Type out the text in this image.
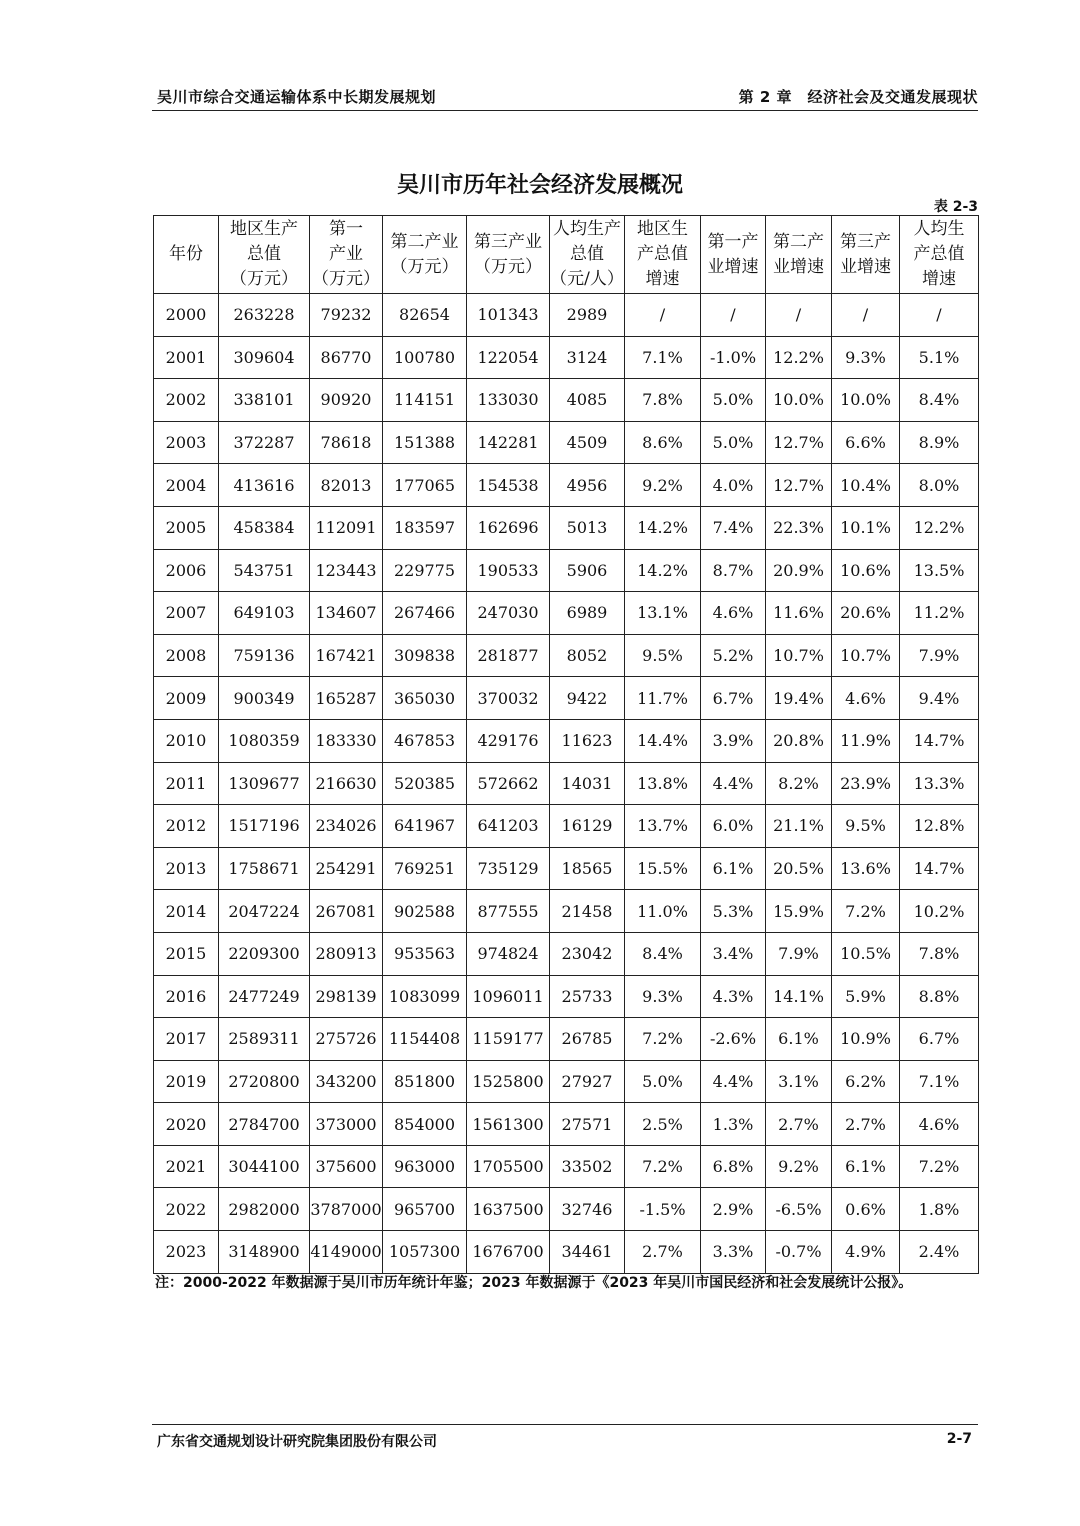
吴川市综合交通运输体系中长期发展规划	第 2 章　经济社会及交通发展现状
吴川市历年社会经济发展概况
表 2-3
年份	地区生产
总值
（万元）	第一
产业
（万元）	第二产业
（万元）	第三产业
（万元）	人均生产
总值
（元/人）	地区生
产总值
增速	第一产
业增速	第二产
业增速	第三产
业增速	人均生
产总值
增速
2000	263228	79232	82654	101343	2989	/	/	/	/	/
2001	309604	86770	100780	122054	3124	7.1%	-1.0%	12.2%	9.3%	5.1%
2002	338101	90920	114151	133030	4085	7.8%	5.0%	10.0%	10.0%	8.4%
2003	372287	78618	151388	142281	4509	8.6%	5.0%	12.7%	6.6%	8.9%
2004	413616	82013	177065	154538	4956	9.2%	4.0%	12.7%	10.4%	8.0%
2005	458384	112091	183597	162696	5013	14.2%	7.4%	22.3%	10.1%	12.2%
2006	543751	123443	229775	190533	5906	14.2%	8.7%	20.9%	10.6%	13.5%
2007	649103	134607	267466	247030	6989	13.1%	4.6%	11.6%	20.6%	11.2%
2008	759136	167421	309838	281877	8052	9.5%	5.2%	10.7%	10.7%	7.9%
2009	900349	165287	365030	370032	9422	11.7%	6.7%	19.4%	4.6%	9.4%
2010	1080359	183330	467853	429176	11623	14.4%	3.9%	20.8%	11.9%	14.7%
2011	1309677	216630	520385	572662	14031	13.8%	4.4%	8.2%	23.9%	13.3%
2012	1517196	234026	641967	641203	16129	13.7%	6.0%	21.1%	9.5%	12.8%
2013	1758671	254291	769251	735129	18565	15.5%	6.1%	20.5%	13.6%	14.7%
2014	2047224	267081	902588	877555	21458	11.0%	5.3%	15.9%	7.2%	10.2%
2015	2209300	280913	953563	974824	23042	8.4%	3.4%	7.9%	10.5%	7.8%
2016	2477249	298139	1083099	1096011	25733	9.3%	4.3%	14.1%	5.9%	8.8%
2017	2589311	275726	1154408	1159177	26785	7.2%	-2.6%	6.1%	10.9%	6.7%
2019	2720800	343200	851800	1525800	27927	5.0%	4.4%	3.1%	6.2%	7.1%
2020	2784700	373000	854000	1561300	27571	2.5%	1.3%	2.7%	2.7%	4.6%
2021	3044100	375600	963000	1705500	33502	7.2%	6.8%	9.2%	6.1%	7.2%
2022	2982000	3787000	965700	1637500	32746	-1.5%	2.9%	-6.5%	0.6%	1.8%
2023	3148900	4149000	1057300	1676700	34461	2.7%	3.3%	-0.7%	4.9%	2.4%
注：2000-2022 年数据源于吴川市历年统计年鉴；2023 年数据源于《2023 年吴川市国民经济和社会发展统计公报》。
广东省交通规划设计研究院集团股份有限公司	2-7
